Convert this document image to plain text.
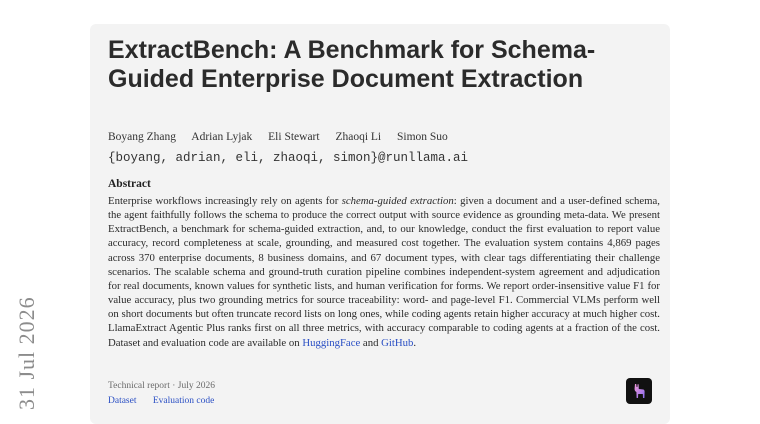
31 Jul 2026
ExtractBench: A Benchmark for Schema-Guided Enterprise Document Extraction
Boyang Zhang Adrian Lyjak Eli Stewart Zhaoqi Li Simon Suo
{boyang, adrian, eli, zhaoqi, simon}@runllama.ai
Abstract

Enterprise workflows increasingly rely on agents for schema-guided extraction: given a document and a user-defined schema, the agent faithfully follows the schema to produce the correct output with source evidence as grounding meta-data. We present ExtractBench, a benchmark for schema-guided extraction, and, to our knowledge, conduct the first evaluation to report value accuracy, record completeness at scale, grounding, and measured cost together. The evaluation system contains 4,869 pages across 370 enterprise documents, 8 business domains, and 67 document types, with clear tags differentiating their challenge scenarios. The scalable schema and ground-truth curation pipeline combines independent-system agreement and adjudication for real documents, known values for synthetic lists, and human verification for forms. We report order-insensitive value F1 for value accuracy, plus two grounding metrics for source traceability: word- and page-level F1. Commercial VLMs perform well on short documents but often truncate record lists on long ones, while coding agents retain higher accuracy at much higher cost. LlamaExtract Agentic Plus ranks first on all three metrics, with accuracy comparable to coding agents at a fraction of the cost. Dataset and evaluation code are available on HuggingFace and GitHub.

Technical report · July 2026
Dataset Evaluation code
